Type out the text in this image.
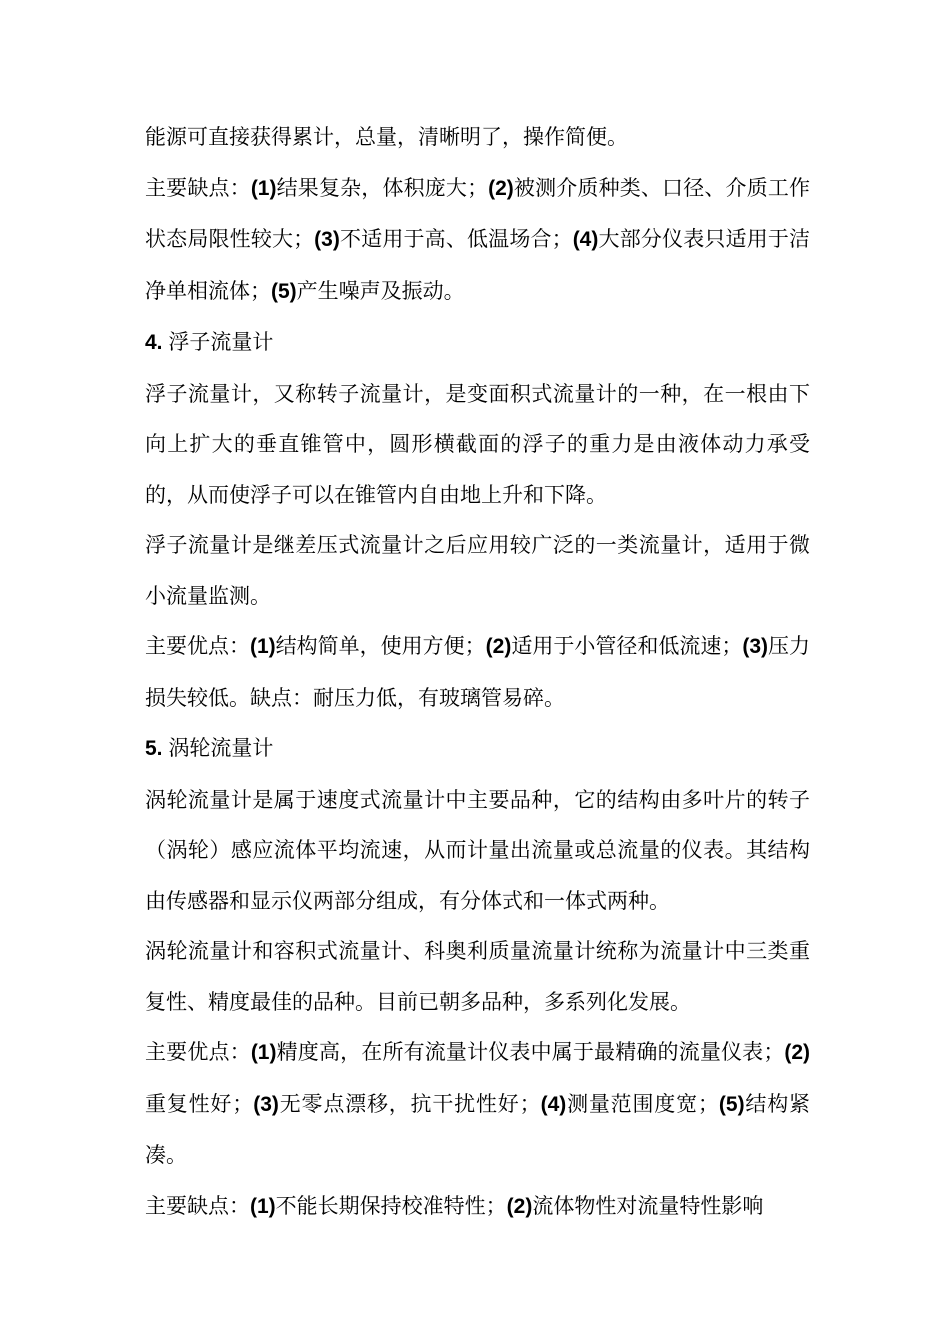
能源可直接获得累计，总量，清晰明了，操作简便。

主要缺点：(1)结果复杂，体积庞大；(2)被测介质种类、口径、介质工作状态局限性较大；(3)不适用于高、低温场合；(4)大部分仪表只适用于洁净单相流体；(5)产生噪声及振动。

4. 浮子流量计

浮子流量计，又称转子流量计，是变面积式流量计的一种，在一根由下向上扩大的垂直锥管中，圆形横截面的浮子的重力是由液体动力承受的，从而使浮子可以在锥管内自由地上升和下降。

浮子流量计是继差压式流量计之后应用较广泛的一类流量计，适用于微小流量监测。

主要优点：(1)结构简单，使用方便；(2)适用于小管径和低流速；(3)压力损失较低。缺点：耐压力低，有玻璃管易碎。

5. 涡轮流量计

涡轮流量计是属于速度式流量计中主要品种，它的结构由多叶片的转子（涡轮）感应流体平均流速，从而计量出流量或总流量的仪表。其结构由传感器和显示仪两部分组成，有分体式和一体式两种。

涡轮流量计和容积式流量计、科奥利质量流量计统称为流量计中三类重复性、精度最佳的品种。目前已朝多品种，多系列化发展。

主要优点：(1)精度高，在所有流量计仪表中属于最精确的流量仪表；(2)重复性好；(3)无零点漂移，抗干扰性好；(4)测量范围度宽；(5)结构紧凑。

主要缺点：(1)不能长期保持校准特性；(2)流体物性对流量特性影响
